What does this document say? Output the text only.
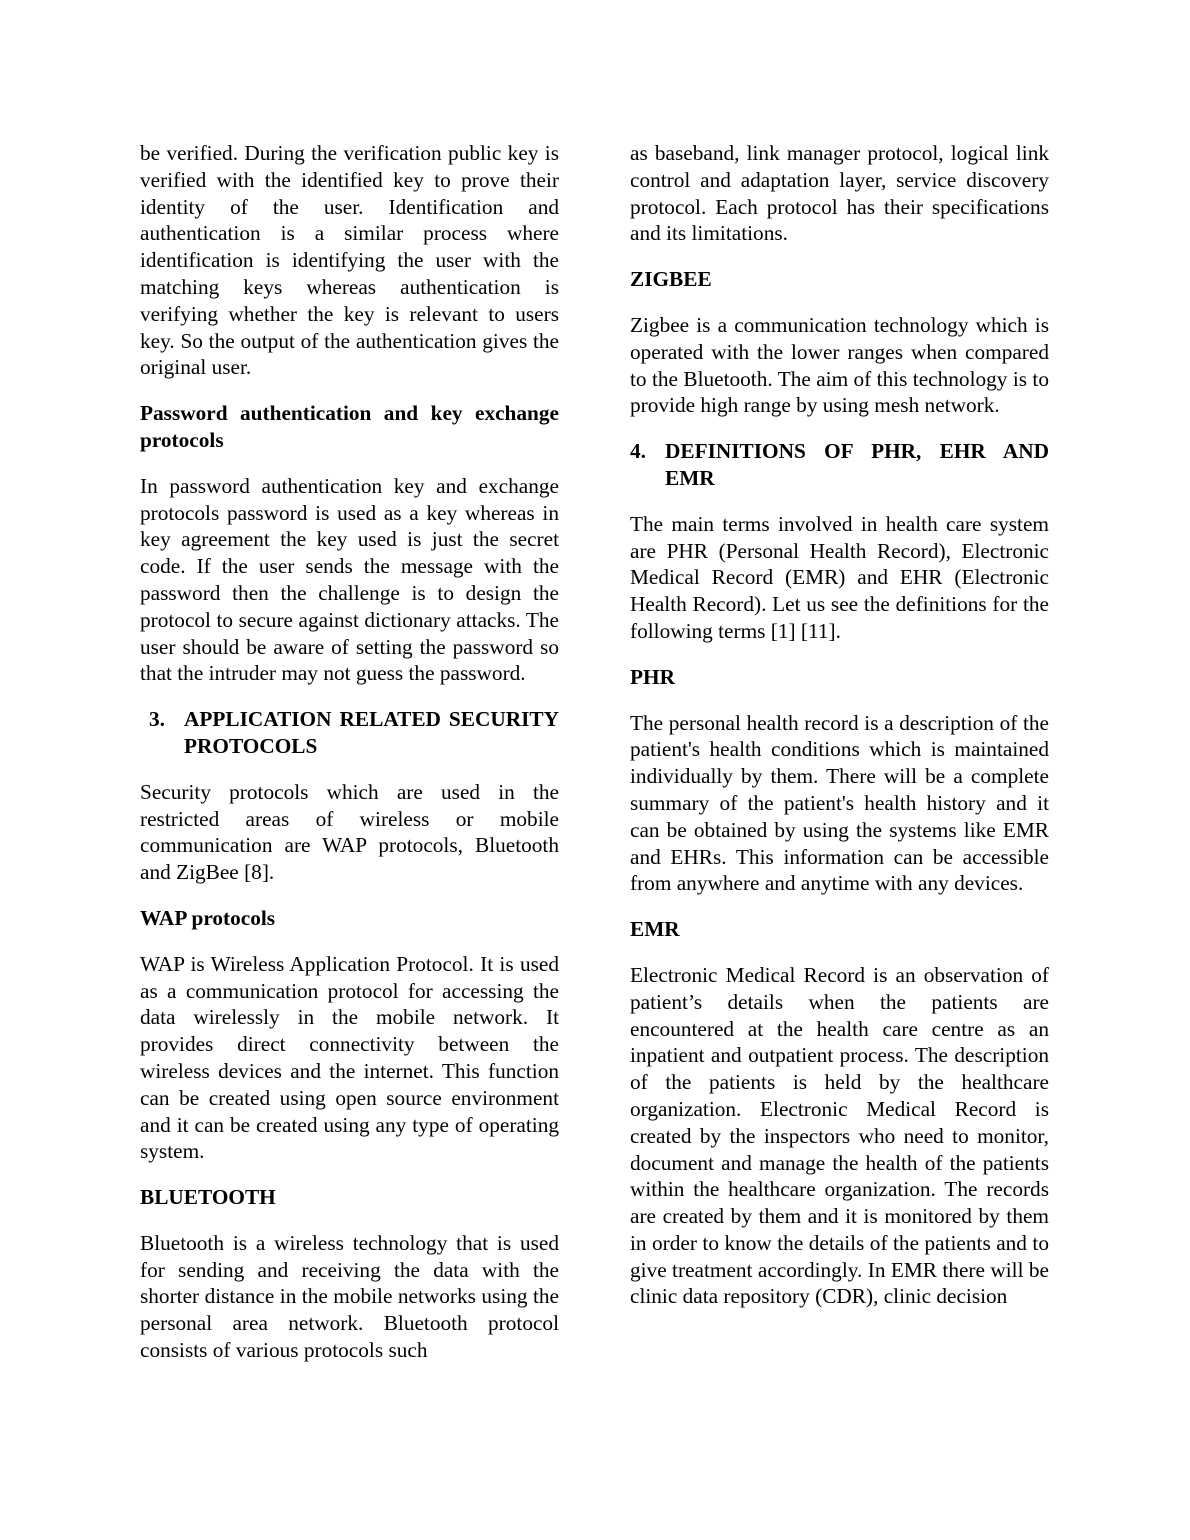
be verified. During the verification public key is verified with the identified key to prove their identity of the user. Identification and authentication is a similar process where identification is identifying the user with the matching keys whereas authentication is verifying whether the key is relevant to users key. So the output of the authentication gives the original user.

Password authentication and key exchange protocols

In password authentication key and exchange protocols password is used as a key whereas in key agreement the key used is just the secret code. If the user sends the message with the password then the challenge is to design the protocol to secure against dictionary attacks. The user should be aware of setting the password so that the intruder may not guess the password.

3. APPLICATION RELATED SECURITY PROTOCOLS

Security protocols which are used in the restricted areas of wireless or mobile communication are WAP protocols, Bluetooth and ZigBee [8].

WAP protocols

WAP is Wireless Application Protocol. It is used as a communication protocol for accessing the data wirelessly in the mobile network. It provides direct connectivity between the wireless devices and the internet. This function can be created using open source environment and it can be created using any type of operating system.

BLUETOOTH

Bluetooth is a wireless technology that is used for sending and receiving the data with the shorter distance in the mobile networks using the personal area network. Bluetooth protocol consists of various protocols such

as baseband, link manager protocol, logical link control and adaptation layer, service discovery protocol. Each protocol has their specifications and its limitations.

ZIGBEE

Zigbee is a communication technology which is operated with the lower ranges when compared to the Bluetooth. The aim of this technology is to provide high range by using mesh network.

4. DEFINITIONS OF PHR, EHR AND EMR

The main terms involved in health care system are PHR (Personal Health Record), Electronic Medical Record (EMR) and EHR (Electronic Health Record). Let us see the definitions for the following terms [1] [11].

PHR

The personal health record is a description of the patient's health conditions which is maintained individually by them. There will be a complete summary of the patient's health history and it can be obtained by using the systems like EMR and EHRs. This information can be accessible from anywhere and anytime with any devices.

EMR

Electronic Medical Record is an observation of patient’s details when the patients are encountered at the health care centre as an inpatient and outpatient process. The description of the patients is held by the healthcare organization. Electronic Medical Record is created by the inspectors who need to monitor, document and manage the health of the patients within the healthcare organization. The records are created by them and it is monitored by them in order to know the details of the patients and to give treatment accordingly. In EMR there will be clinic data repository (CDR), clinic decision
